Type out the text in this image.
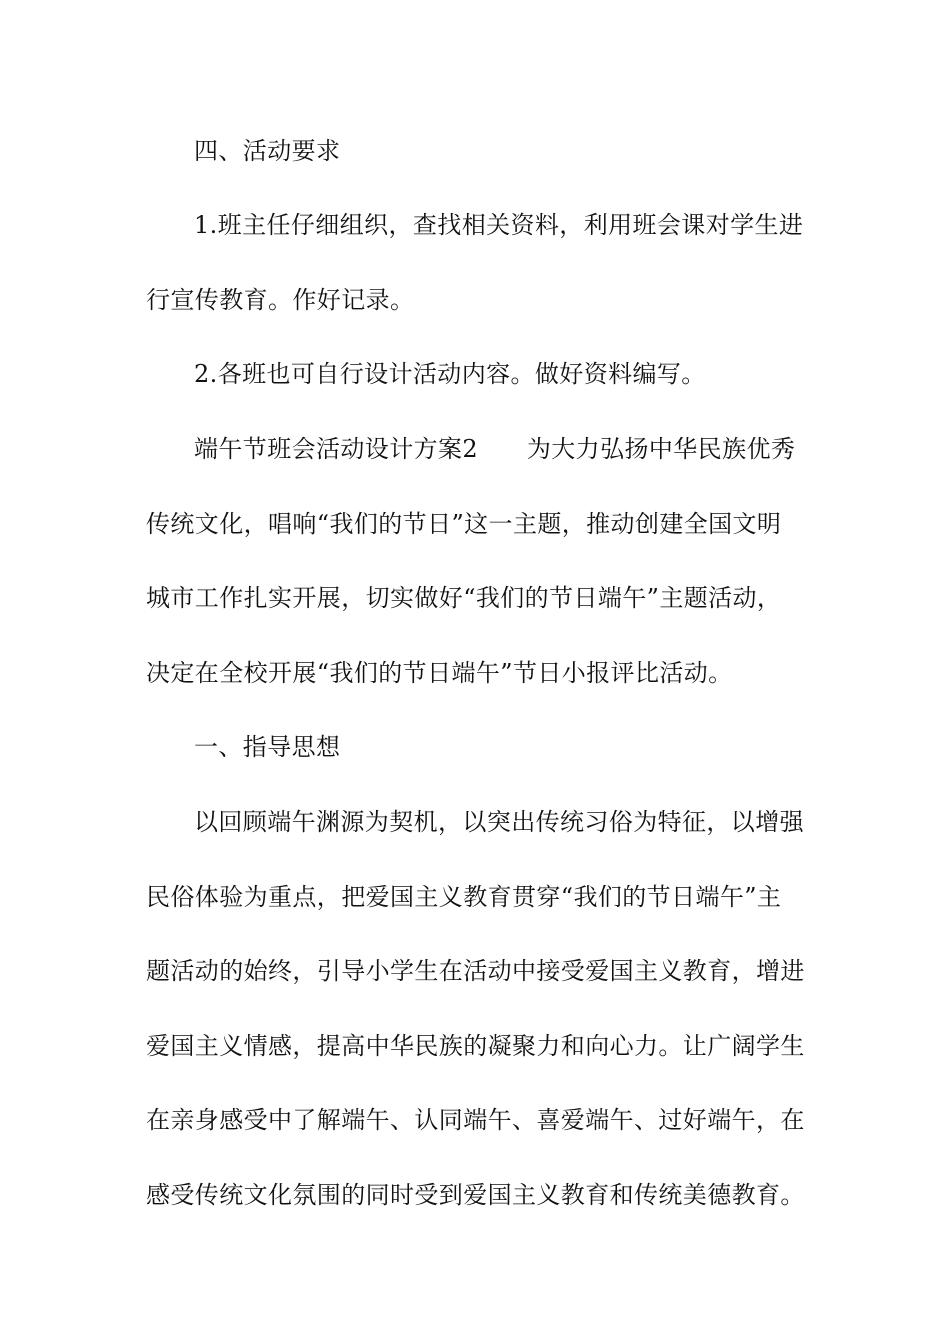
四、活动要求
1.班主任仔细组织，查找相关资料，利用班会课对学生进
行宣传教育。作好记录。
2.各班也可自行设计活动内容。做好资料编写。
端午节班会活动设计方案2　　为大力弘扬中华民族优秀
传统文化，唱响“我们的节日”这一主题，推动创建全国文明
城市工作扎实开展，切实做好“我们的节日端午”主题活动，
决定在全校开展“我们的节日端午”节日小报评比活动。
一、指导思想
以回顾端午渊源为契机，以突出传统习俗为特征，以增强
民俗体验为重点，把爱国主义教育贯穿“我们的节日端午”主
题活动的始终，引导小学生在活动中接受爱国主义教育，增进
爱国主义情感，提高中华民族的凝聚力和向心力。让广阔学生
在亲身感受中了解端午、认同端午、喜爱端午、过好端午，在
感受传统文化氛围的同时受到爱国主义教育和传统美德教育。
